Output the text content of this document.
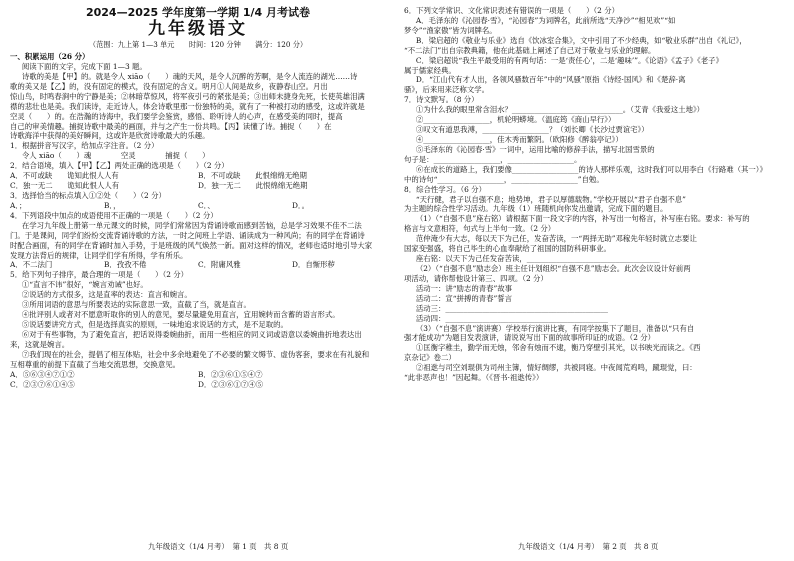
2024—2025 学年度第一学期 1/4 月考试卷
九年级语文
（范围：九上第 1—3 单元　　时间：120 分钟　　满分：120 分）
一、积累运用（26 分）
阅读下面的文字，完成下面 1—3 题。
诗歌的美是【甲】的。就是令人 xiāo（　　）魂的天风，是令人沉醉的芳啊，是令人流连的湖光……诗
歌的美又是【乙】的，没有固定的模式，没有固定的含义。明月①人间是故乡，夜静春山空。月出
惊山鸟，时鸣春涧中的宁静是美；②林暗草惊风，将军夜引弓的紧张是美；③出师未捷身先死，长使英雄泪满
襟的悲壮也是美。我们读诗，走近诗人，体会诗歌里那一份独特的美，就有了一种被打动的感受，这或许就是
空灵（　　）的。在浩瀚的诗海中，我们要学会鉴赏，感悟、聆听诗人的心声，在感受美的同时，提高
自己的审美情趣。捕捉诗歌中最美的画面，并与之产生一份共鸣。【丙】读懂了诗。捕捉（　　）在
诗歌海洋中获得的美好瞬间，这或许是欣赏诗歌最大的乐趣。
1．根据拼音写汉字，给加点字注音。（2 分）
令人 xiāo（　　）魂　　　　空灵　　　　捕捉（　　）
2．结合语境，填入【甲】【乙】两处正确的选项是（　　）（2 分）
A．不可或缺　　诡知此恨人人有	B．不可或缺　　此恨绵绵无绝期
C．独一无二　　诡知此恨人人有	D．独一无二　　此恨绵绵无绝期
3．选择恰当的标点填入①②处（　　）（2 分）
A．；	B．，	C．、	D．。
4．下列语段中加点的成语使用不正确的一项是（　　）（2 分）
在学习九年级上册第一单元课文的时候，同学们常常因为背诵诗歌而感到苦恼，总是学习效果不佳不二法
门。于是课间，同学们纷纷交流背诵诗歌的方法，一时之间班上学语、诵读成为一种风尚；有的同学在背诵诗
时配合画面，有的同学在背诵时加入手势，于是班级的风气焕然一新。面对这样的情况，老师也适时地引导大家
发现方法背后的规律，让同学们学有所得，学有所乐。
A．不二法门	B．孜孜不倦	C．附庸风雅	D．自惭形秽
5．给下列句子排序，最合理的一项是（　　）（2 分）
①“直言不讳”很好，“婉言劝诫”也好。
②说话的方式很多，这是直率的表达：直言和婉言。
③所用词语的意思与所要表达的实际意思一致，直截了当，就是直言。
④批评别人或者对不愿意听取你的别人的意见，要尽量避免用直言，宜用婉转而含蓄的语言形式。
⑤说话要讲究方式，但是选择真实的原则，一味地追求说话的方式，是不足取的。
⑥对于有些事物，为了避免直言，把话说得委婉曲折，而用一些相应的同义词或语意以委婉曲折地表达出
来，这就是婉言。
⑦我们现在的社会，提倡了相互体贴，社会中多余地避免了不必要的繁文缛节、虚伪客套，要求在有礼貌和
互相尊重的前提下直截了当地交流思想，交换意见。
A．⑤⑥③④⑦①②	B．②③⑥①⑤④⑦
C．②③⑦⑥①④⑤	D．②③⑥①⑦④⑤
6．下列文学常识、文化常识表述有错误的一项是（　　）（2 分）
A．毛泽东的《沁园春·雪》，“沁园春”为词牌名，此前所选“天净沙”“相见欢”“如
梦令”“渔家傲”皆为词牌名。
B．梁启超的《敬业与乐业》选自《饮冰室合集》，文中引用了不少经典，如“敬业乐群”出自《礼记》，
“不二法门”出自宗教典籍，他在此基础上阐述了自己对于敬业与乐业的理解。
C．梁启超说“我生平最受用的有两句话：一是‘责任心’，二是‘趣味’”。《论语》《孟子》《老子》
属于儒家经典。
D．“江山代有才人出，各领风骚数百年”中的“风骚”原指《诗经·国风》和《楚辞·离
骚》，后来用来泛称文学。
7．诗文默写。（8 分）
①为什么我的眼里常含泪水？______________________________。（艾青《我爱这土地》）
②__________________，机轮明蟒境。（温庭筠《商山早行》）
③叹文有道思我溥，__________________？（刘长卿《长沙过贾谊宅》）
④__________________，佳木秀而繁阴。（欧阳修《醉翁亭记》）
⑤毛泽东的《沁园春·雪》一词中，运用比喻的修辞手法，描写北国雪景的
句子是：__________________，__________________。
⑥在成长的道路上，我们要像__________________的诗人那样乐观，这时我们可以用李白《行路难（其一）》
中的诗句“__________________，__________________”自勉。
8．综合性学习。（6 分）
“天行健，君子以自强不息；地势坤，君子以厚德载物。”学校开展以“君子自强不息”
为主题的综合性学习活动。九年级（1）班随机向你发出邀请，完成下面的题目。
（1）（“自强不息”座右铭）请根据下面一段文字的内容，补写出一句格言，补写座右铭。要求：补写的
格言与文意相符，句式与上半句一致。（2 分）
范仲淹少有大志，每以天下为己任，发奋苦读，一“两择无助”邓稼先年轻时就立志要让
国家变强盛，将自己毕生的心血奉献给了祖国的国防科研事业。
座右铭：以天下为己任发奋苦读，____________________________________
（2）（“自强不息”励志会）班主任计划组织“自强不息”励志会。此次会议设计好前两
项活动，请你帮他设计第三、四项。（2 分）
活动一：讲“励志的青春”故事
活动二：宣“拼搏的青春”誓言
活动三：____________________________________________
活动四：____________________________________________
（3）（“自强不息”演讲赛）学校举行演讲比赛，有同学按集下了题目，准备以“只有自
强才能成功”为题目发表演讲，请说说写出下面的故事所印证的成语。（2 分）
①匡衡字稚圭，勤学而无烛，邻舍有烛而不逮，衡乃穿壁引其光，以书映光而读之。《西
京杂记》卷二）
②祖逖与司空刘琨俱为司州主簿，情好绸缪，共被同寝。中夜闻荒鸡鸣，蹴琨觉，曰：
“此非恶声也！”因起舞。（《晋书·祖逖传》）
九年级语文（1/4 月考）　第 1 页　共 8 页	九年级语文（1/4 月考）　第 2 页　共 8 页
